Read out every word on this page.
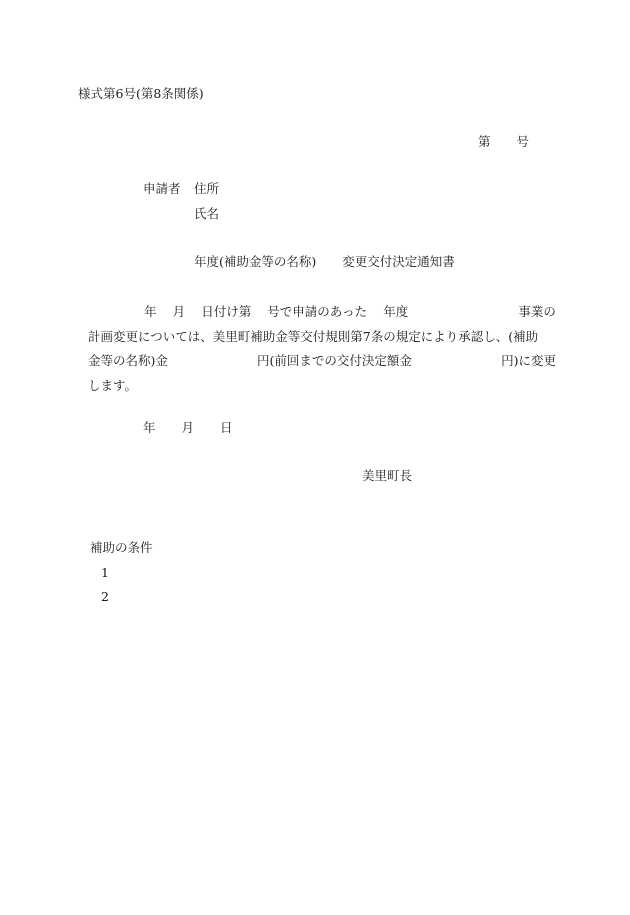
様式第6号(第8条関係)
第 号
申請者 住所
氏名
年度(補助金等の名称) 変更交付決定通知書
年 月 日付け第 号で申請のあった 年度	事業の
計画変更については、美里町補助金等交付規則第7条の規定により承認し、(補助
金等の名称)金	円(前回までの交付決定額金	円)に変更
します。
年 月 日
美里町長
補助の条件
1
2
